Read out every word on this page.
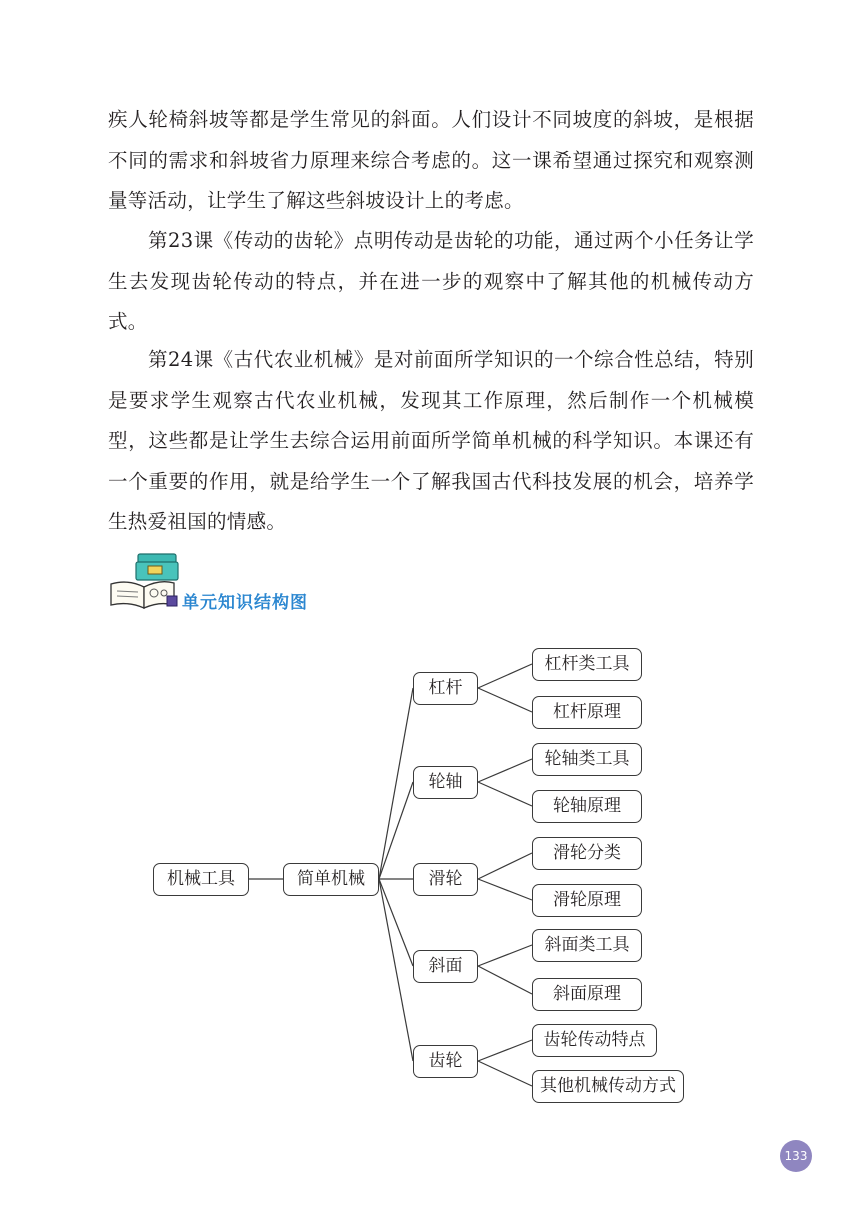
疾人轮椅斜坡等都是学生常见的斜面。人们设计不同坡度的斜坡，是根据不同的需求和斜坡省力原理来综合考虑的。这一课希望通过探究和观察测量等活动，让学生了解这些斜坡设计上的考虑。

第23课《传动的齿轮》点明传动是齿轮的功能，通过两个小任务让学生去发现齿轮传动的特点，并在进一步的观察中了解其他的机械传动方式。

第24课《古代农业机械》是对前面所学知识的一个综合性总结，特别是要求学生观察古代农业机械，发现其工作原理，然后制作一个机械模型，这些都是让学生去综合运用前面所学简单机械的科学知识。本课还有一个重要的作用，就是给学生一个了解我国古代科技发展的机会，培养学生热爱祖国的情感。

单元知识结构图
133
机械工具	简单机械
杠杆
杠杆类工具
杠杆原理
轮轴
轮轴类工具
轮轴原理
滑轮
滑轮分类
滑轮原理
斜面
斜面类工具
斜面原理
齿轮
齿轮传动特点
其他机械传动方式
